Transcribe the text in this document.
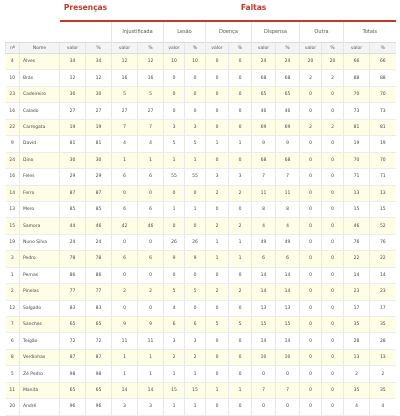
		Presenças		Faltas											
				Injustificada		Lesão		Doença		Dispensa		Outra		Totais	
nº	Nome	valor	%	valor	%	valor	%	valor	%	valor	%	valor	%	valor	%
4	Alves	34	34	12	12	10	10	0	0	24	24	20	20	66	66
10	Brás	12	12	16	16	0	0	0	0	68	68	2	2	88	88
23	Cadeireiro	30	30	5	5	0	0	0	0	65	65	0	0	70	70
16	Calado	27	27	27	27	0	0	0	0	46	46	0	0	73	73
22	Carregata	19	19	7	7	3	3	0	0	69	69	2	2	81	81
9	David	81	81	4	4	5	5	1	1	9	9	0	0	19	19
24	Dino	30	30	1	1	1	1	0	0	68	68	0	0	70	70
16	Feles	29	29	6	6	55	55	3	3	7	7	0	0	71	71
14	Ferro	87	87	0	0	0	0	2	2	11	11	0	0	13	13
13	Mero	85	85	6	6	1	1	0	0	8	8	0	0	15	15
15	Samora	44	46	42	46	0	0	2	2	4	4	0	0	46	52
19	Nuno Silva	24	24	0	0	26	26	1	1	49	49	0	0	76	76
3	Pedro	78	78	6	6	9	9	1	1	6	6	0	0	22	22
1	Pernas	86	86	0	0	0	0	0	0	14	14	0	0	14	14
2	Pinelas	77	77	2	2	5	5	2	2	14	14	0	0	23	23
12	Salgado	83	83	0	0	4	0	0	0	13	13	0	0	17	17
7	Sanches	65	65	9	9	6	6	5	5	15	15	0	0	35	35
6	Teigão	72	72	11	11	3	3	0	0	14	14	0	0	28	28
8	Verdinhas	87	87	1	1	2	2	0	0	10	10	0	0	13	13
5	Zé Pedro	98	98	1	1	1	1	0	0	0	0	0	0	2	2
11	Manita	65	65	14	14	15	15	1	1	7	7	0	0	35	35
20	André	96	96	3	3	1	1	0	0	0	0	0	0	4	4
